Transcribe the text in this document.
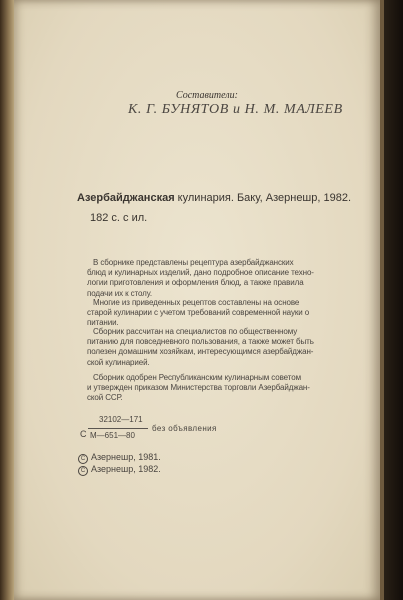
Составители:
К. Г. БУНЯТОВ и Н. М. МАЛЕЕВ
Азербайджанская кулинария. Баку, Азернешр, 1982.
182 с. с ил.
В сборнике представлены рецептура азербайджанских
блюд и кулинарных изделий, дано подробное описание техно-
логии приготовления и оформления блюд, а также правила
подачи их к столу.
Многие из приведенных рецептов составлены на основе
старой кулинарии с учетом требований современной науки о
питании.
Сборник рассчитан на специалистов по общественному
питанию для повседневного пользования, а также может быть
полезен домашним хозяйкам, интересующимся азербайджан-
ской кулинарией.
Сборник одобрен Республиканским кулинарным советом
и утвержден приказом Министерства торговли Азербайджан-
ской ССР.
С
32102—171
М—651—80
без объявления
С Азернешр, 1981.
С Азернешр, 1982.
